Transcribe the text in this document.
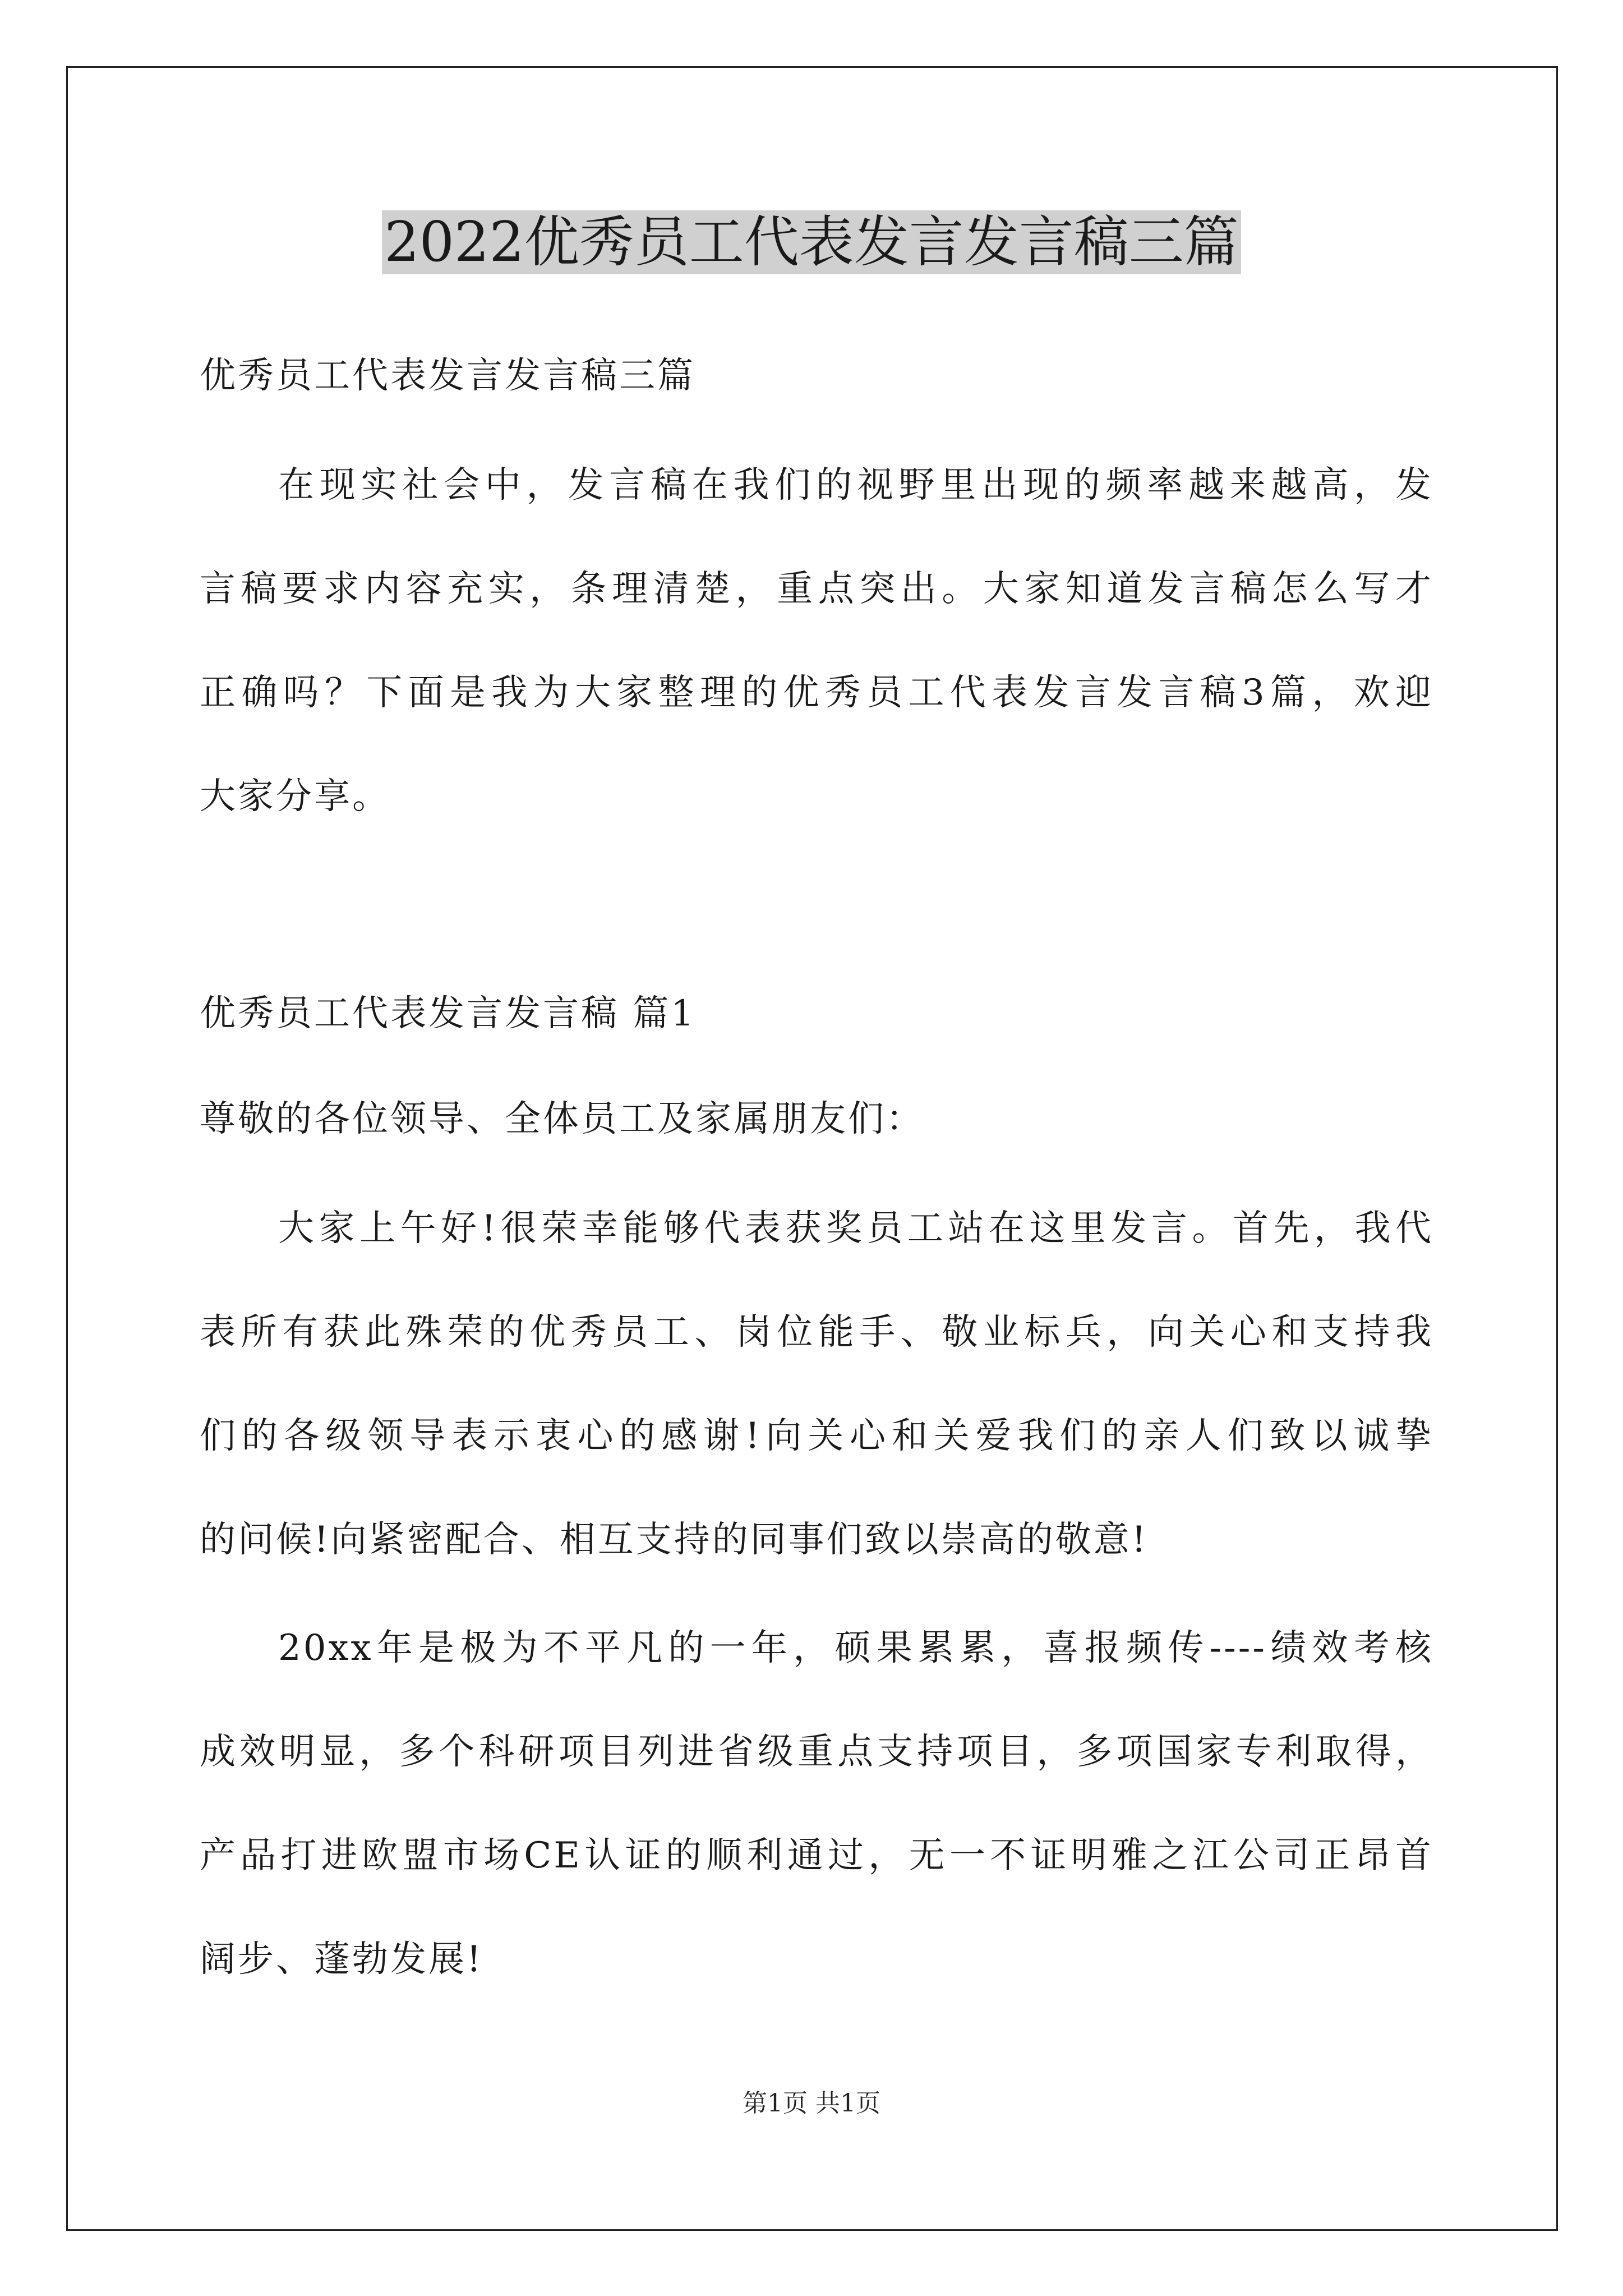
2022优秀员工代表发言发言稿三篇
优秀员工代表发言发言稿三篇
在现实社会中，发言稿在我们的视野里出现的频率越来越高，发
言稿要求内容充实，条理清楚，重点突出。大家知道发言稿怎么写才
正确吗？下面是我为大家整理的优秀员工代表发言发言稿3篇，欢迎
大家分享。
优秀员工代表发言发言稿 篇1
尊敬的各位领导、全体员工及家属朋友们：
大家上午好!很荣幸能够代表获奖员工站在这里发言。首先，我代
表所有获此殊荣的优秀员工、岗位能手、敬业标兵，向关心和支持我
们的各级领导表示衷心的感谢!向关心和关爱我们的亲人们致以诚挚
的问候!向紧密配合、相互支持的同事们致以崇高的敬意!
20xx年是极为不平凡的一年，硕果累累，喜报频传----绩效考核
成效明显，多个科研项目列进省级重点支持项目，多项国家专利取得，
产品打进欧盟市场CE认证的顺利通过，无一不证明雅之江公司正昂首
阔步、蓬勃发展!
第1页 共1页
